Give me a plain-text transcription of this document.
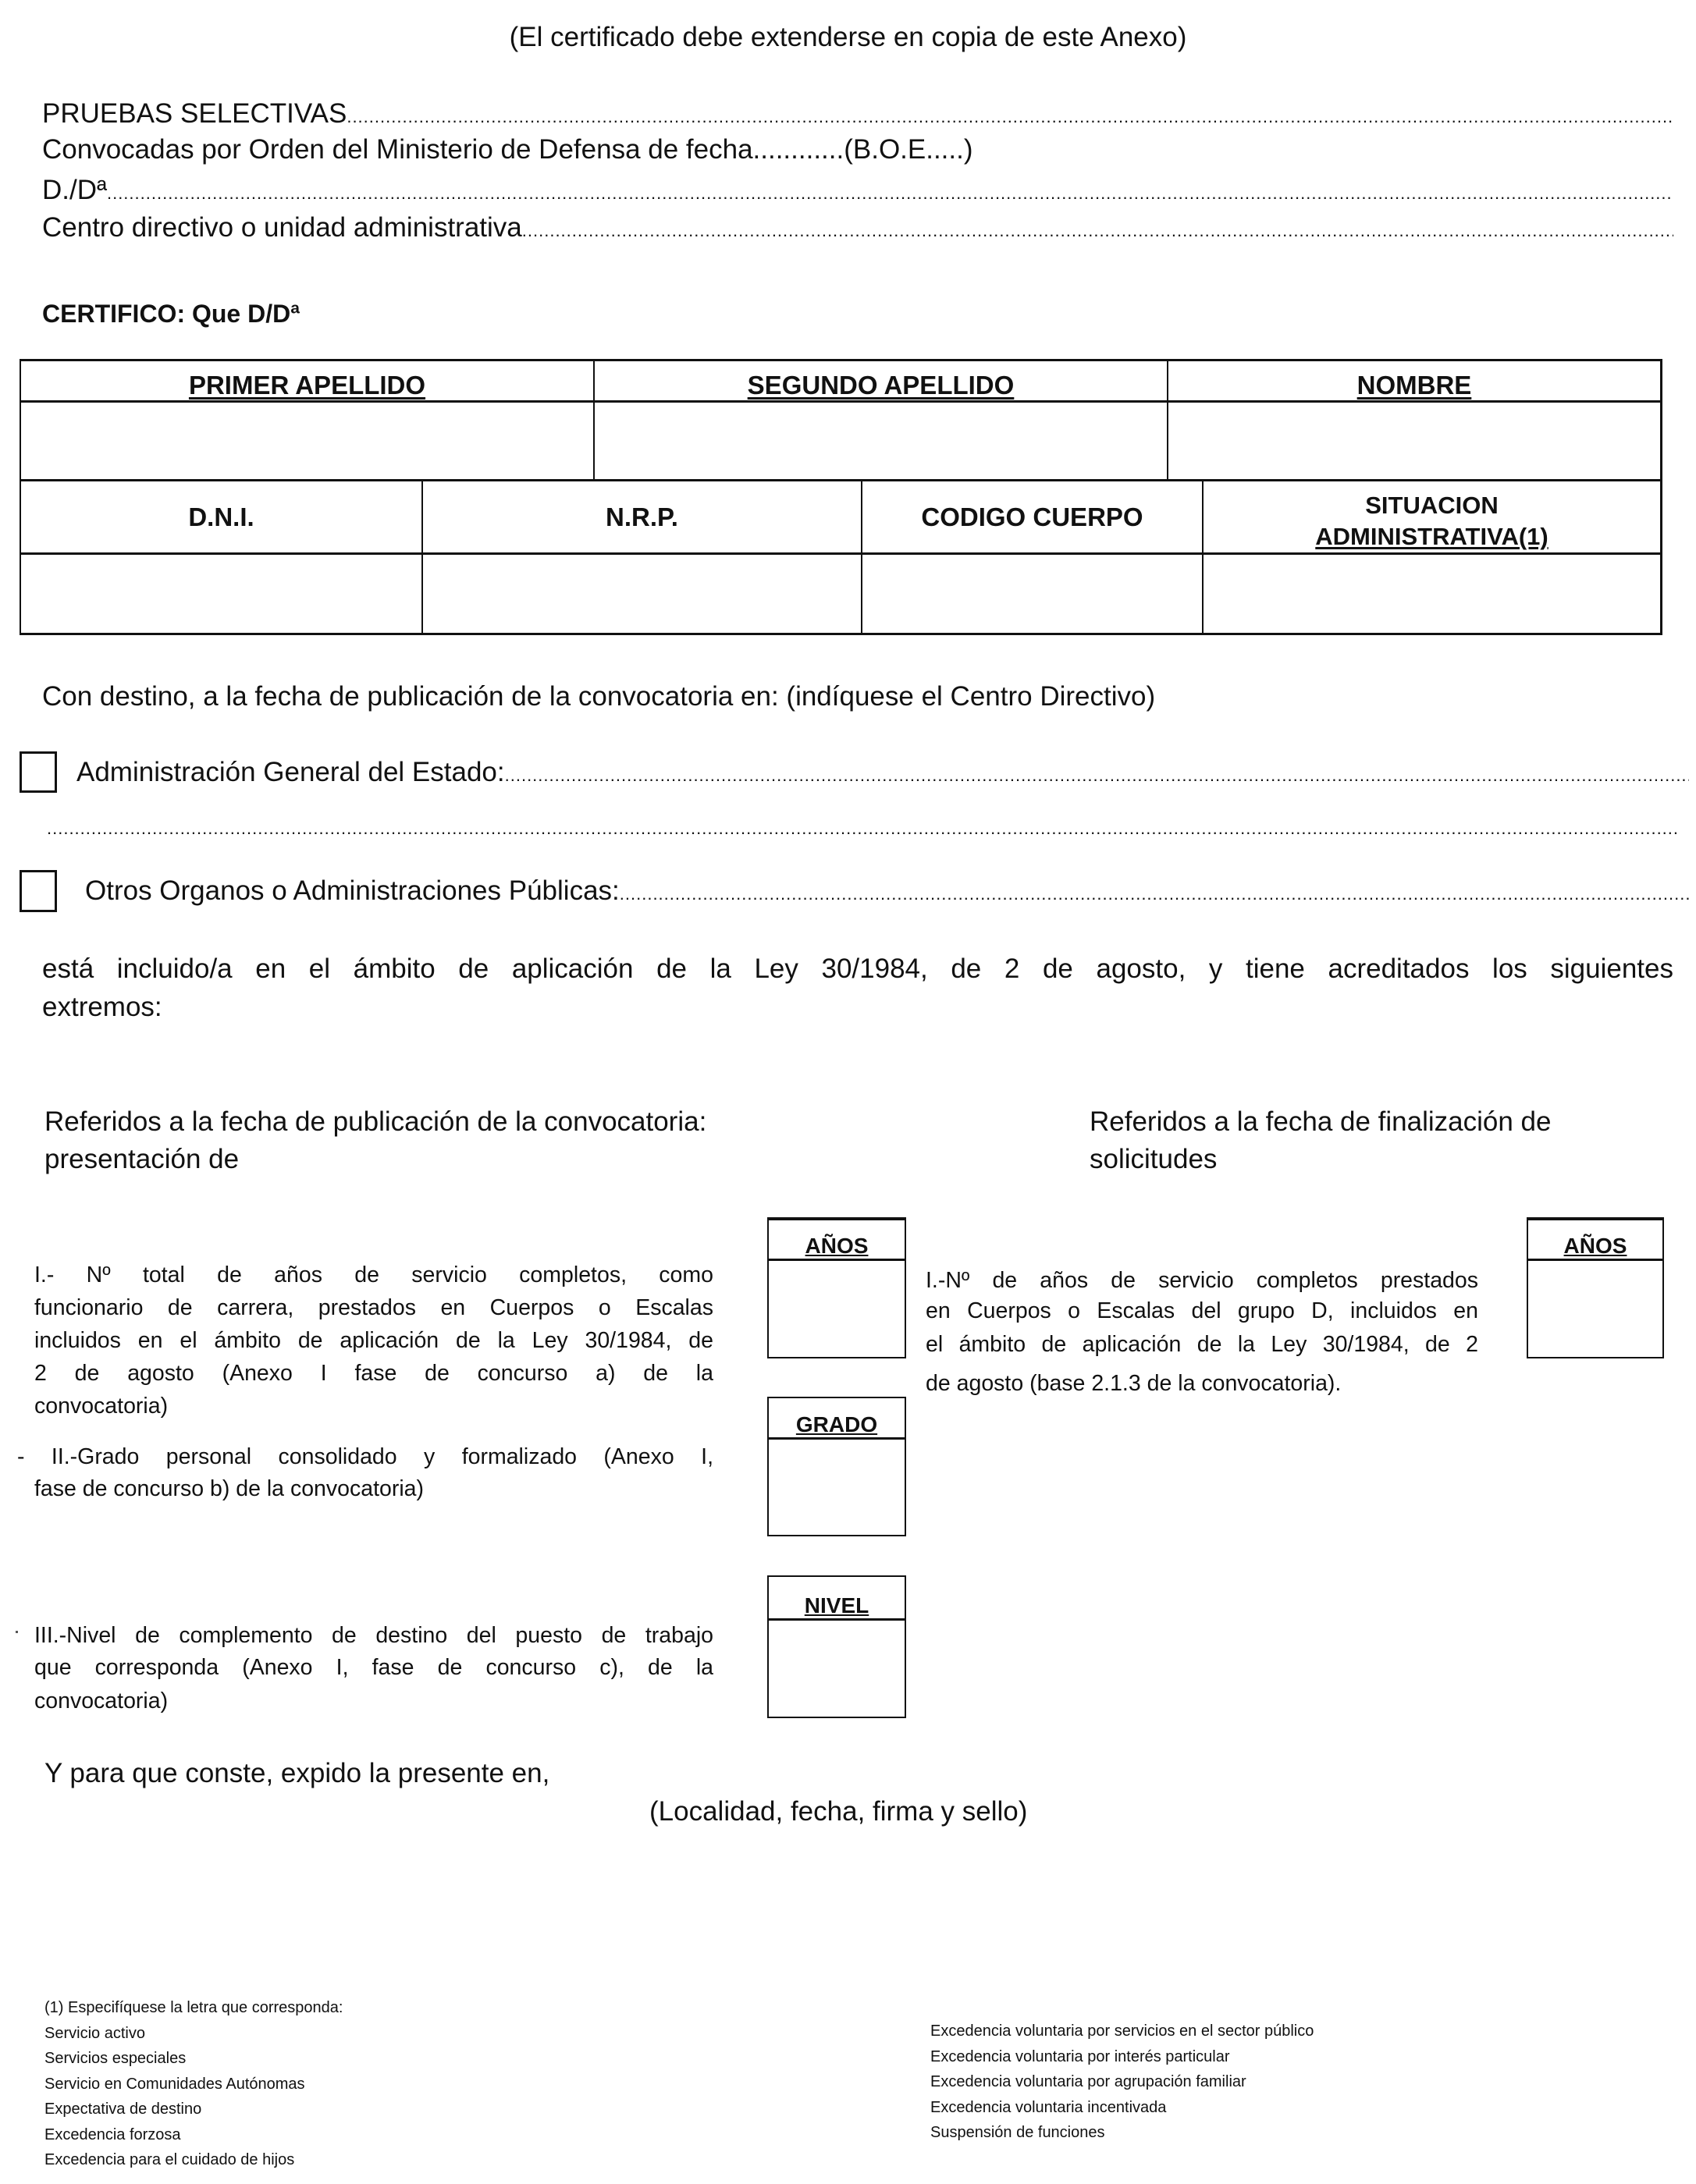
(El certificado debe extenderse en copia de este Anexo)
PRUEBAS SELECTIVAS
.....
Convocadas por Orden del Ministerio de Defensa de fecha............(B.O.E.....)
D./Dª
.....
Centro directivo o unidad administrativa
.....
CERTIFICO: Que D/Dª
PRIMER APELLIDO	SEGUNDO APELLIDO	NOMBRE
D.N.I.	N.R.P.	CODIGO CUERPO	SITUACION
ADMINISTRATIVA(1)
Con destino, a la fecha de publicación de la convocatoria en: (indíquese el Centro Directivo)
Administración General del Estado:
.....
.....
Otros Organos o Administraciones Públicas:
.....
está incluido/a en el ámbito de aplicación de la Ley 30/1984, de 2 de agosto, y tiene acreditados los siguientes
extremos:
Referidos a la fecha de publicación de la convocatoria:
presentación de
Referidos a la fecha de finalización de
solicitudes
I.- Nº total de años de servicio completos, como
funcionario de carrera, prestados en Cuerpos o Escalas
incluidos en el ámbito de aplicación de la Ley 30/1984, de
2 de agosto (Anexo I fase de concurso a) de la
convocatoria)
AÑOS
- II.-Grado personal consolidado y formalizado (Anexo I,
fase de concurso b) de la convocatoria)
GRADO
III.-Nivel de complemento de destino del puesto de trabajo
que corresponda (Anexo I, fase de concurso c), de la
convocatoria)
NIVEL
I.-Nº de años de servicio completos prestados
en Cuerpos o Escalas del grupo D, incluidos en
el ámbito de aplicación de la Ley 30/1984, de 2
de agosto (base 2.1.3 de la convocatoria).
AÑOS
Y para que conste, expido la presente en,
(Localidad, fecha, firma y sello)
(1) Especifíquese la letra que corresponda:
Servicio activo
Servicios especiales
Servicio en Comunidades Autónomas
Expectativa de destino
Excedencia forzosa
Excedencia para el cuidado de hijos
Excedencia voluntaria por servicios en el sector público
Excedencia voluntaria por interés particular
Excedencia voluntaria por agrupación familiar
Excedencia voluntaria incentivada
Suspensión de funciones
